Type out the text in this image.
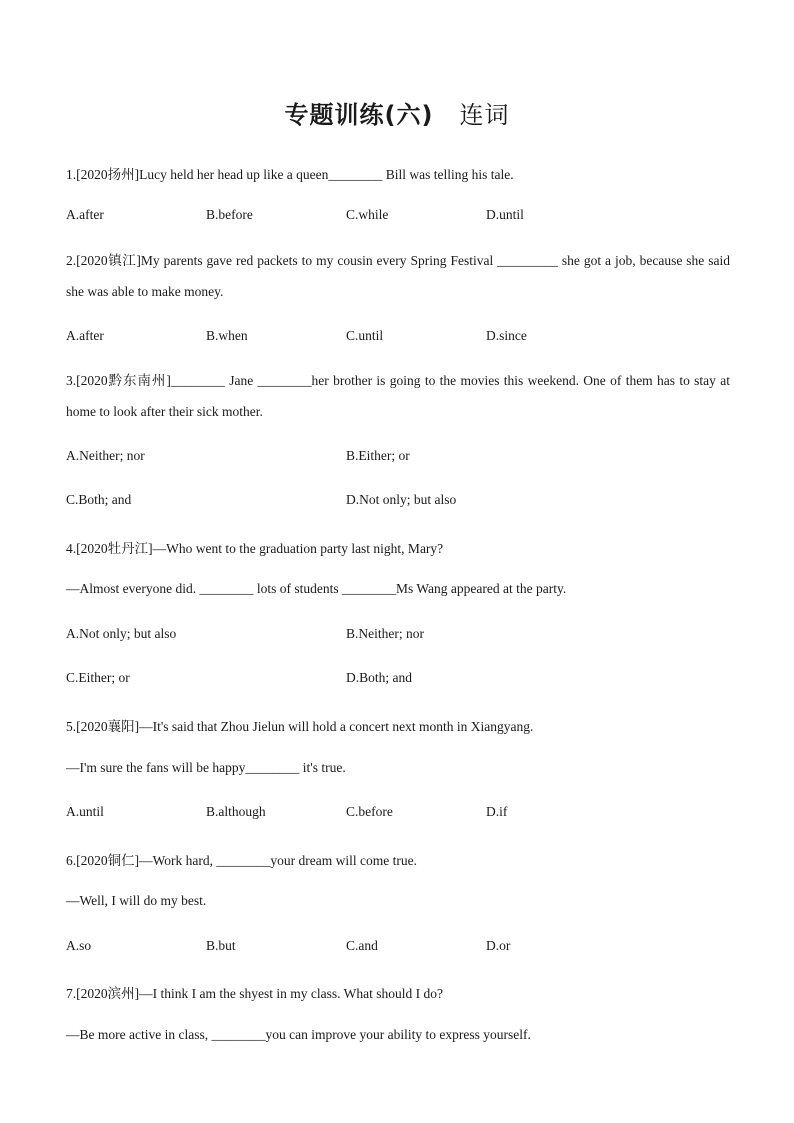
专题训练(六) 连词
1.[2020扬州]Lucy held her head up like a queen________ Bill was telling his tale.
A.after	B.before	C.while	D.until
2.[2020镇江]My parents gave red packets to my cousin every Spring Festival _________ she got a job, because she said she was able to make money.
A.after	B.when	C.until	D.since
3.[2020黔东南州]________ Jane ________her brother is going to the movies this weekend. One of them has to stay at home to look after their sick mother.
A.Neither; nor	B.Either; or
C.Both; and	D.Not only; but also
4.[2020牡丹江]—Who went to the graduation party last night, Mary?
—Almost everyone did. ________ lots of students ________Ms Wang appeared at the party.
A.Not only; but also	B.Neither; nor
C.Either; or	D.Both; and
5.[2020襄阳]—It's said that Zhou Jielun will hold a concert next month in Xiangyang.
—I'm sure the fans will be happy________ it's true.
A.until	B.although	C.before	D.if
6.[2020铜仁]—Work hard, ________your dream will come true.
—Well, I will do my best.
A.so	B.but	C.and	D.or
7.[2020滨州]—I think I am the shyest in my class. What should I do?
—Be more active in class, ________you can improve your ability to express yourself.
